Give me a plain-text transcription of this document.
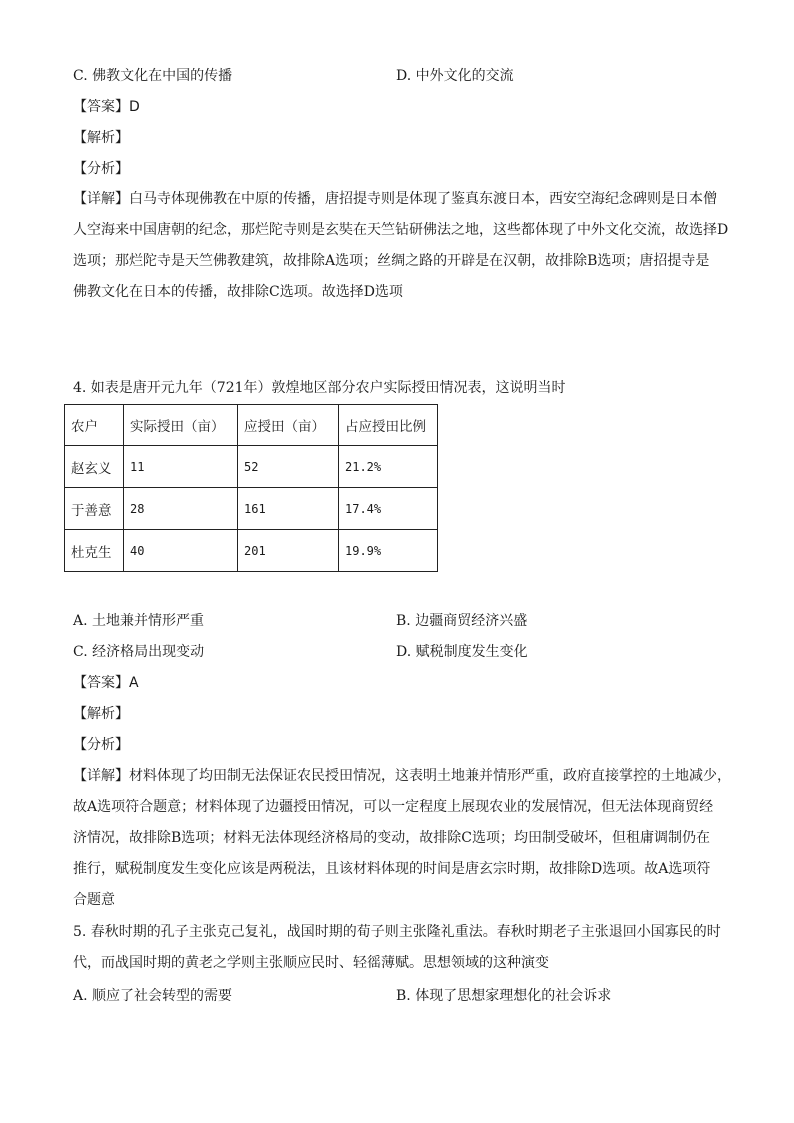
C. 佛教文化在中国的传播	D. 中外文化的交流
【答案】D
【解析】
【分析】
【详解】白马寺体现佛教在中原的传播，唐招提寺则是体现了鉴真东渡日本，西安空海纪念碑则是日本僧
人空海来中国唐朝的纪念，那烂陀寺则是玄奘在天竺钻研佛法之地，这些都体现了中外文化交流，故选择D
选项；那烂陀寺是天竺佛教建筑，故排除A选项；丝绸之路的开辟是在汉朝，故排除B选项；唐招提寺是
佛教文化在日本的传播，故排除C选项。故选择D选项
4. 如表是唐开元九年（721年）敦煌地区部分农户实际授田情况表，这说明当时
农户	实际授田（亩）	应授田（亩）	占应授田比例
赵玄义	11	52	21.2%
于善意	28	161	17.4%
杜克生	40	201	19.9%
A. 土地兼并情形严重	B. 边疆商贸经济兴盛
C. 经济格局出现变动	D. 赋税制度发生变化
【答案】A
【解析】
【分析】
【详解】材料体现了均田制无法保证农民授田情况，这表明土地兼并情形严重，政府直接掌控的土地减少，
故A选项符合题意；材料体现了边疆授田情况，可以一定程度上展现农业的发展情况，但无法体现商贸经
济情况，故排除B选项；材料无法体现经济格局的变动，故排除C选项；均田制受破坏，但租庸调制仍在
推行，赋税制度发生变化应该是两税法，且该材料体现的时间是唐玄宗时期，故排除D选项。故A选项符
合题意
5. 春秋时期的孔子主张克己复礼，战国时期的荀子则主张隆礼重法。春秋时期老子主张退回小国寡民的时
代，而战国时期的黄老之学则主张顺应民时、轻徭薄赋。思想领域的这种演变
A. 顺应了社会转型的需要	B. 体现了思想家理想化的社会诉求
